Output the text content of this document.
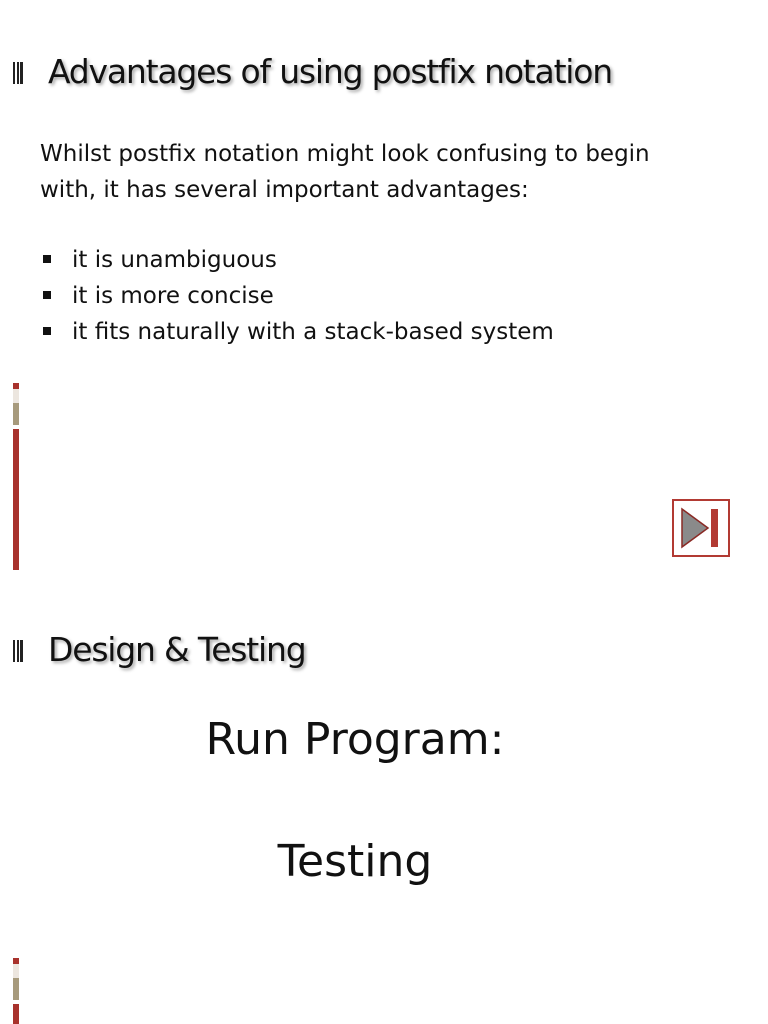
Advantages of using postfix notation

Whilst postfix notation might look confusing to begin with, it has several important advantages:

it is unambiguous
it is more concise
it fits naturally with a stack-based system
Design & Testing

Run Program:

Testing
